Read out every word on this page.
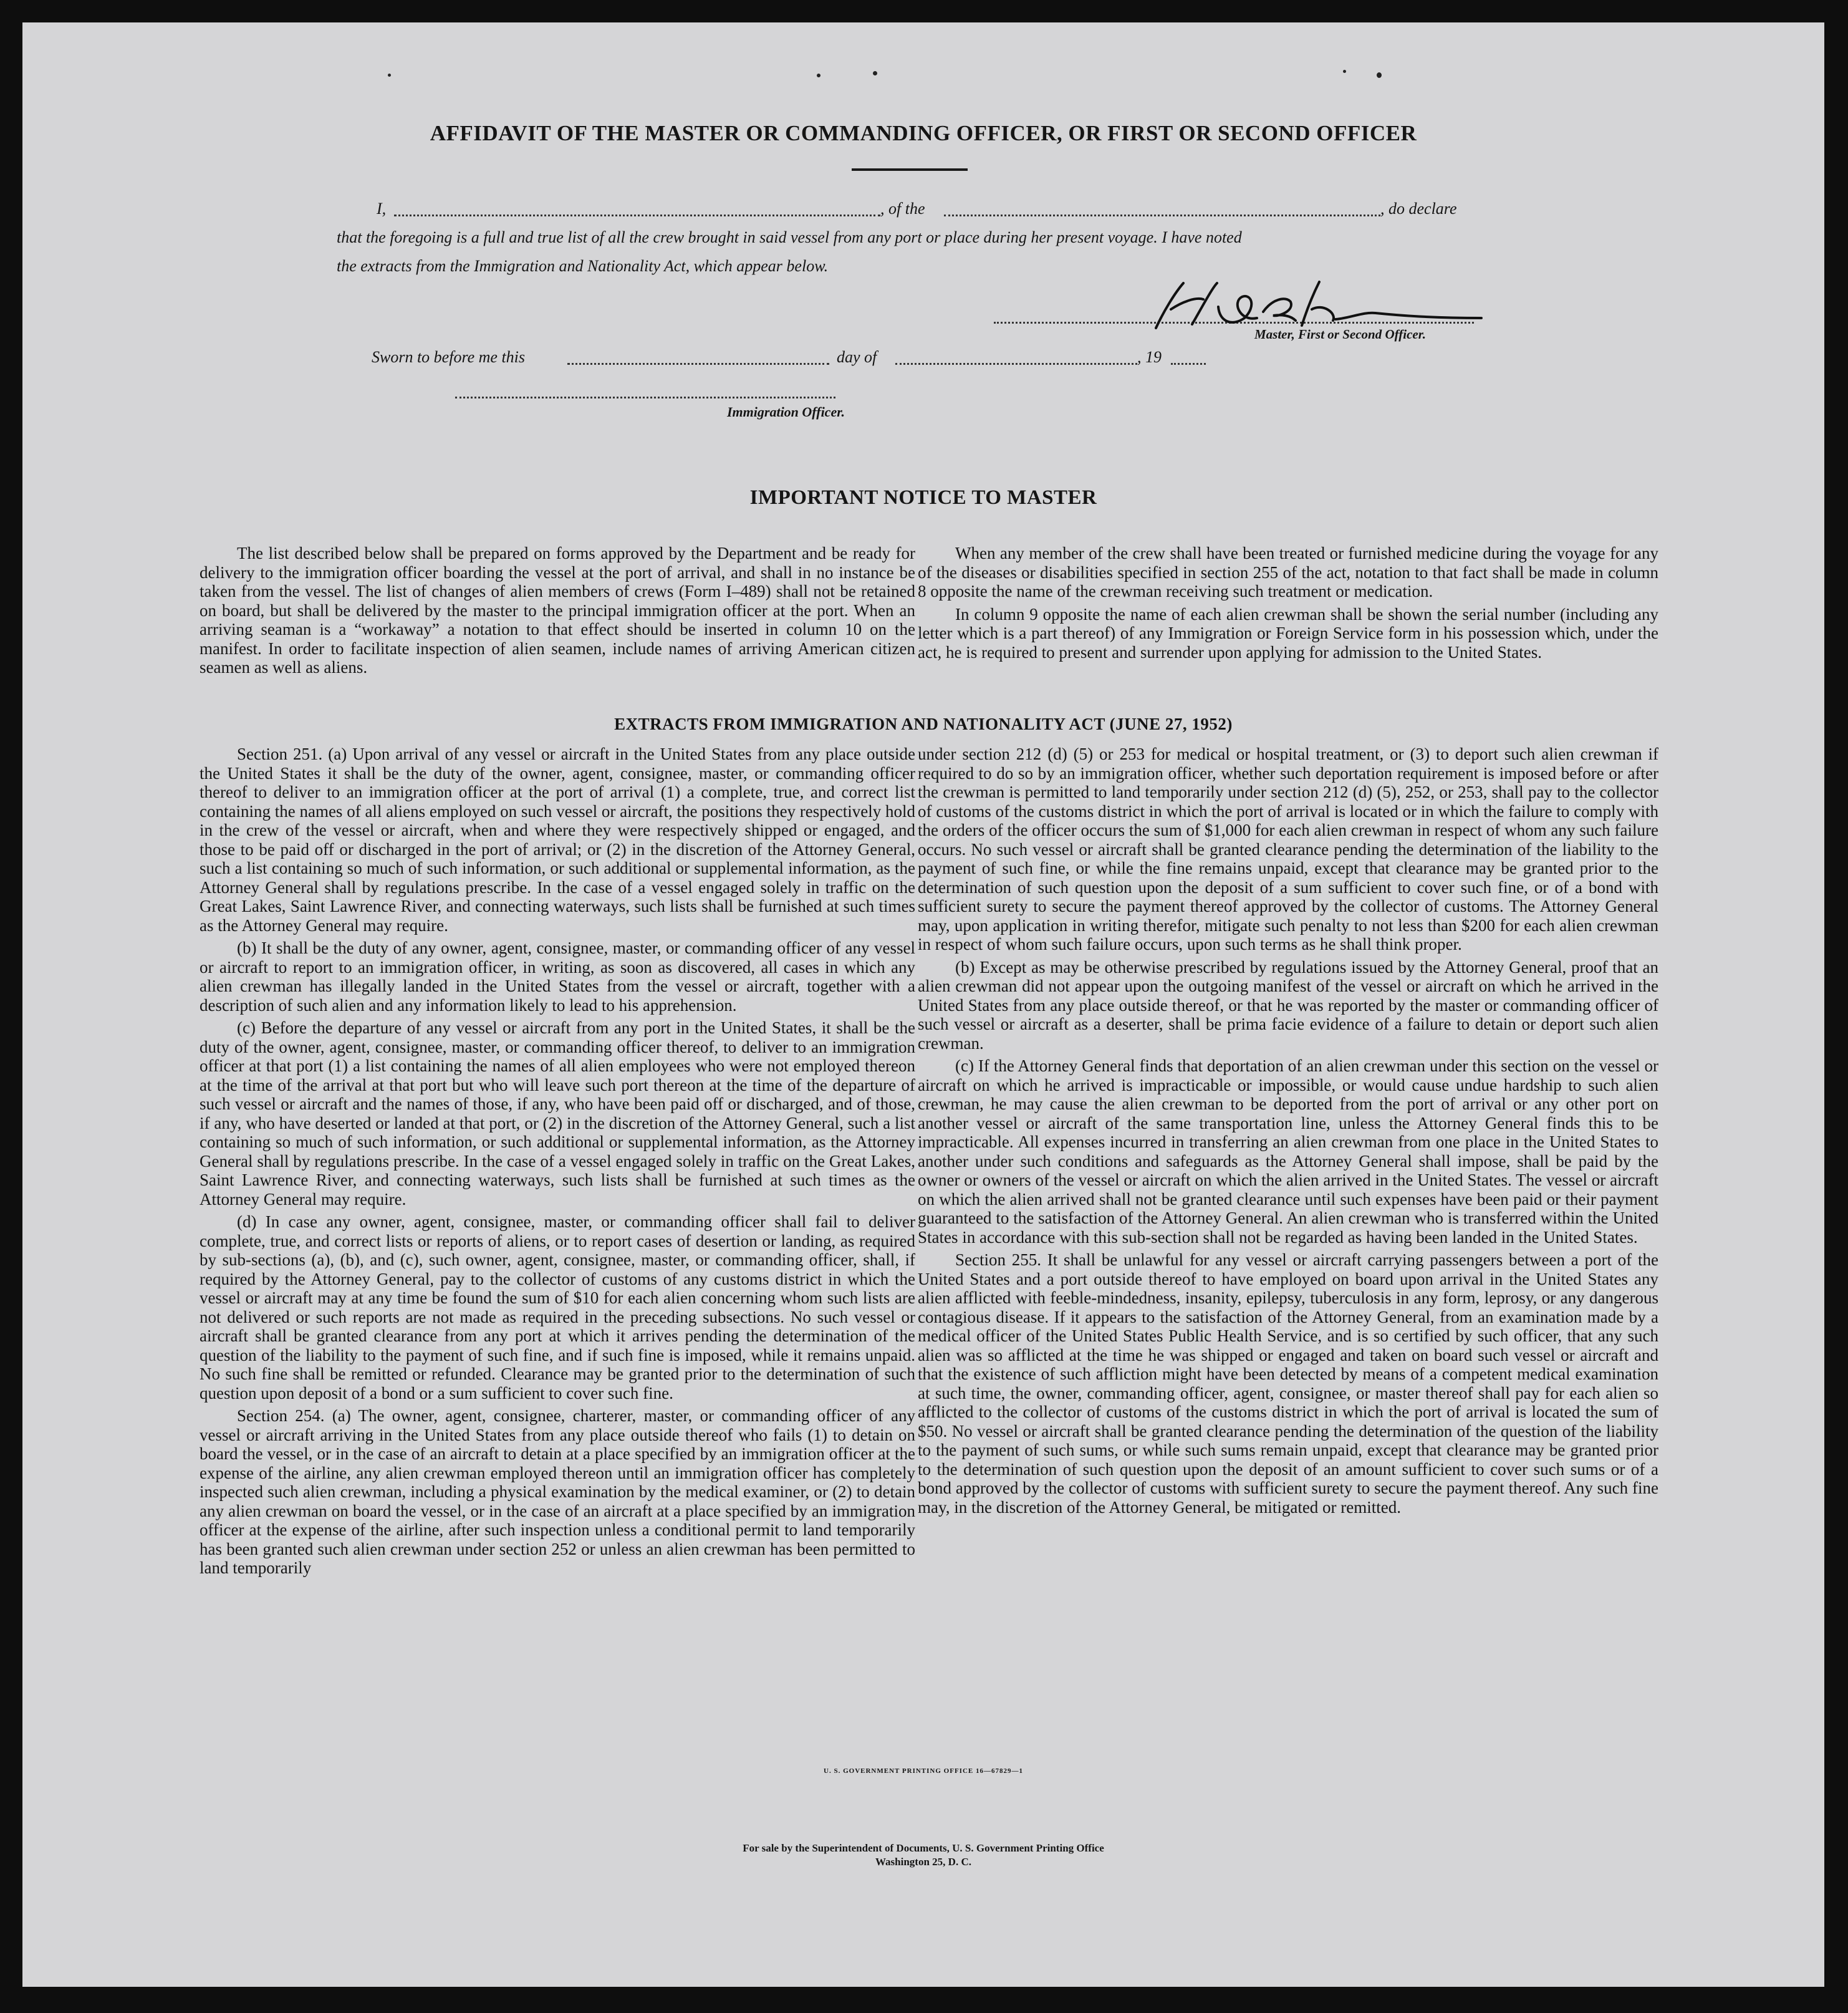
AFFIDAVIT OF THE MASTER OR COMMANDING OFFICER, OR FIRST OR SECOND OFFICER
I,	, of the	, do declare
that the foregoing is a full and true list of all the crew brought in said vessel from any port or place during her present voyage. I have noted
the extracts from the Immigration and Nationality Act, which appear below.
Master, First or Second Officer.
Sworn to before me this	day of	, 19
Immigration Officer.
IMPORTANT NOTICE TO MASTER

The list described below shall be prepared on forms approved by the Department and be ready for delivery to the immigration officer boarding the vessel at the port of arrival, and shall in no instance be taken from the vessel. The list of changes of alien members of crews (Form I–489) shall not be retained on board, but shall be delivered by the master to the principal immigration officer at the port. When an arriving seaman is a “workaway” a notation to that effect should be inserted in column 10 on the manifest. In order to facilitate inspection of alien seamen, include names of arriving American citizen seamen as well as aliens.

When any member of the crew shall have been treated or furnished medicine during the voyage for any of the diseases or disabilities specified in section 255 of the act, notation to that fact shall be made in column 8 opposite the name of the crewman receiving such treatment or medication.

In column 9 opposite the name of each alien crewman shall be shown the serial number (including any letter which is a part thereof) of any Immigration or Foreign Service form in his possession which, under the act, he is required to present and surrender upon applying for admission to the United States.

EXTRACTS FROM IMMIGRATION AND NATIONALITY ACT (JUNE 27, 1952)

Section 251. (a) Upon arrival of any vessel or aircraft in the United States from any place outside the United States it shall be the duty of the owner, agent, consignee, master, or commanding officer thereof to deliver to an immigration officer at the port of arrival (1) a complete, true, and correct list containing the names of all aliens employed on such vessel or aircraft, the positions they respectively hold in the crew of the vessel or aircraft, when and where they were respectively shipped or engaged, and those to be paid off or discharged in the port of arrival; or (2) in the discretion of the Attorney General, such a list containing so much of such information, or such additional or supplemental information, as the Attorney General shall by regulations prescribe. In the case of a vessel engaged solely in traffic on the Great Lakes, Saint Lawrence River, and connecting waterways, such lists shall be furnished at such times as the Attorney General may require.

(b) It shall be the duty of any owner, agent, consignee, master, or commanding officer of any vessel or aircraft to report to an immigration officer, in writing, as soon as discovered, all cases in which any alien crewman has illegally landed in the United States from the vessel or aircraft, together with a description of such alien and any information likely to lead to his apprehension.

(c) Before the departure of any vessel or aircraft from any port in the United States, it shall be the duty of the owner, agent, consignee, master, or commanding officer thereof, to deliver to an immigration officer at that port (1) a list containing the names of all alien employees who were not employed thereon at the time of the arrival at that port but who will leave such port thereon at the time of the departure of such vessel or aircraft and the names of those, if any, who have been paid off or discharged, and of those, if any, who have deserted or landed at that port, or (2) in the discretion of the Attorney General, such a list containing so much of such information, or such additional or supplemental information, as the Attorney General shall by regulations prescribe. In the case of a vessel engaged solely in traffic on the Great Lakes, Saint Lawrence River, and connecting waterways, such lists shall be furnished at such times as the Attorney General may require.

(d) In case any owner, agent, consignee, master, or commanding officer shall fail to deliver complete, true, and correct lists or reports of aliens, or to report cases of desertion or landing, as required by sub-sections (a), (b), and (c), such owner, agent, consignee, master, or commanding officer, shall, if required by the Attorney General, pay to the collector of customs of any customs district in which the vessel or aircraft may at any time be found the sum of $10 for each alien concerning whom such lists are not delivered or such reports are not made as required in the preceding subsections. No such vessel or aircraft shall be granted clearance from any port at which it arrives pending the determination of the question of the liability to the payment of such fine, and if such fine is imposed, while it remains unpaid. No such fine shall be remitted or refunded. Clearance may be granted prior to the determination of such question upon deposit of a bond or a sum sufficient to cover such fine.

Section 254. (a) The owner, agent, consignee, charterer, master, or commanding officer of any vessel or aircraft arriving in the United States from any place outside thereof who fails (1) to detain on board the vessel, or in the case of an aircraft to detain at a place specified by an immigration officer at the expense of the airline, any alien crewman employed thereon until an immigration officer has completely inspected such alien crewman, including a physical examination by the medical examiner, or (2) to detain any alien crewman on board the vessel, or in the case of an aircraft at a place specified by an immigration officer at the expense of the airline, after such inspection unless a conditional permit to land temporarily has been granted such alien crewman under section 252 or unless an alien crewman has been permitted to land temporarily

under section 212 (d) (5) or 253 for medical or hospital treatment, or (3) to deport such alien crewman if required to do so by an immigration officer, whether such deportation requirement is imposed before or after the crewman is permitted to land temporarily under section 212 (d) (5), 252, or 253, shall pay to the collector of customs of the customs district in which the port of arrival is located or in which the failure to comply with the orders of the officer occurs the sum of $1,000 for each alien crewman in respect of whom any such failure occurs. No such vessel or aircraft shall be granted clearance pending the determination of the liability to the payment of such fine, or while the fine remains unpaid, except that clearance may be granted prior to the determination of such question upon the deposit of a sum sufficient to cover such fine, or of a bond with sufficient surety to secure the payment thereof approved by the collector of customs. The Attorney General may, upon application in writing therefor, mitigate such penalty to not less than $200 for each alien crewman in respect of whom such failure occurs, upon such terms as he shall think proper.

(b) Except as may be otherwise prescribed by regulations issued by the Attorney General, proof that an alien crewman did not appear upon the outgoing manifest of the vessel or aircraft on which he arrived in the United States from any place outside thereof, or that he was reported by the master or commanding officer of such vessel or aircraft as a deserter, shall be prima facie evidence of a failure to detain or deport such alien crewman.

(c) If the Attorney General finds that deportation of an alien crewman under this section on the vessel or aircraft on which he arrived is impracticable or impossible, or would cause undue hardship to such alien crewman, he may cause the alien crewman to be deported from the port of arrival or any other port on another vessel or aircraft of the same transportation line, unless the Attorney General finds this to be impracticable. All expenses incurred in transferring an alien crewman from one place in the United States to another under such conditions and safeguards as the Attorney General shall impose, shall be paid by the owner or owners of the vessel or aircraft on which the alien arrived in the United States. The vessel or aircraft on which the alien arrived shall not be granted clearance until such expenses have been paid or their payment guaranteed to the satisfaction of the Attorney General. An alien crewman who is transferred within the United States in accordance with this sub-section shall not be regarded as having been landed in the United States.

Section 255. It shall be unlawful for any vessel or aircraft carrying passengers between a port of the United States and a port outside thereof to have employed on board upon arrival in the United States any alien afflicted with feeble-mindedness, insanity, epilepsy, tuberculosis in any form, leprosy, or any dangerous contagious disease. If it appears to the satisfaction of the Attorney General, from an examination made by a medical officer of the United States Public Health Service, and is so certified by such officer, that any such alien was so afflicted at the time he was shipped or engaged and taken on board such vessel or aircraft and that the existence of such affliction might have been detected by means of a competent medical examination at such time, the owner, commanding officer, agent, consignee, or master thereof shall pay for each alien so afflicted to the collector of customs of the customs district in which the port of arrival is located the sum of $50. No vessel or aircraft shall be granted clearance pending the determination of the question of the liability to the payment of such sums, or while such sums remain unpaid, except that clearance may be granted prior to the determination of such question upon the deposit of an amount sufficient to cover such sums or of a bond approved by the collector of customs with sufficient surety to secure the payment thereof. Any such fine may, in the discretion of the Attorney General, be mitigated or remitted.

U. S. GOVERNMENT PRINTING OFFICE 16—67829—1
For sale by the Superintendent of Documents, U. S. Government Printing Office
Washington 25, D. C.
